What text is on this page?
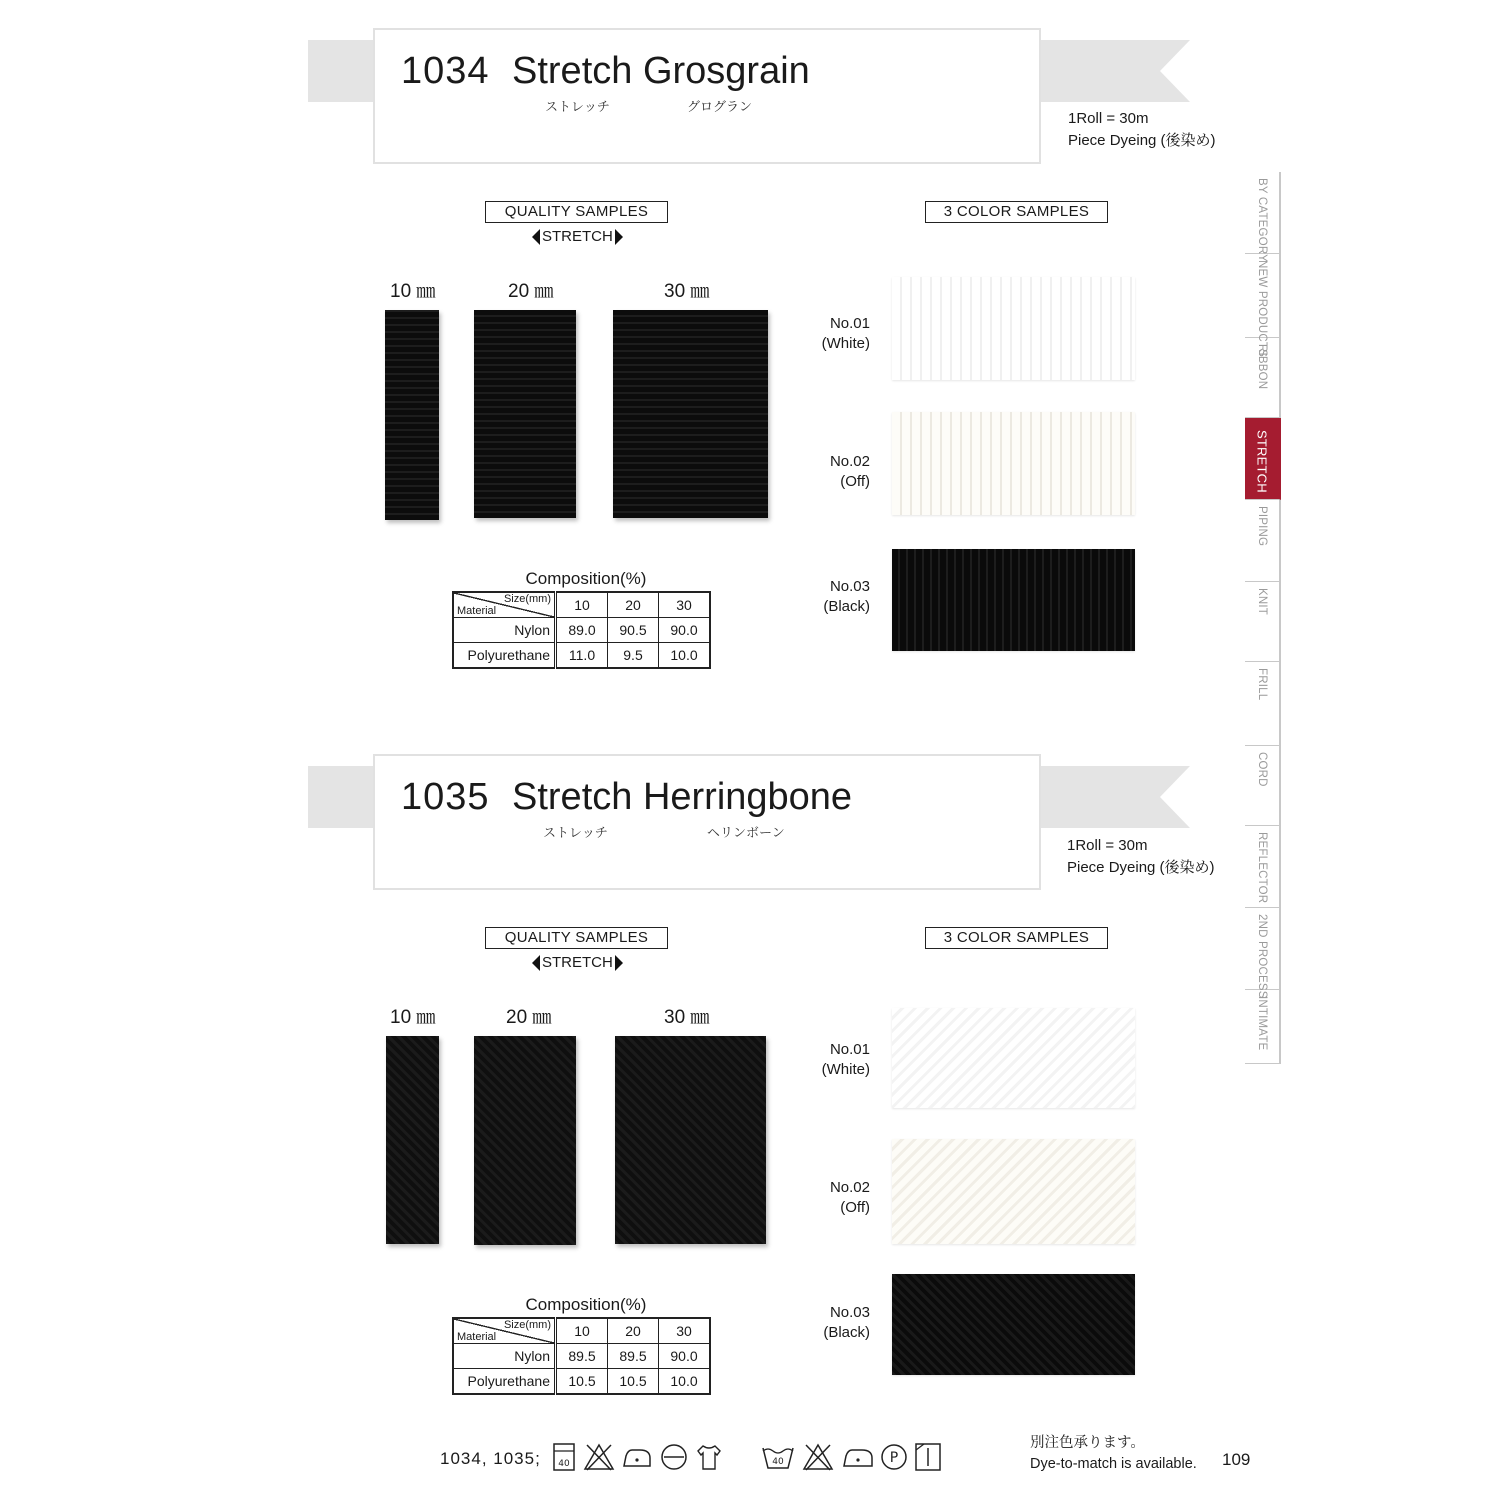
1034 Stretch Grosgrain
ストレッチ	グログラン
1Roll = 30m
Piece Dyeing (後染め)
QUALITY SAMPLES
STRETCH
3 COLOR SAMPLES
10 ㎜	20 ㎜	30 ㎜
No.01
(White)
No.02
(Off)
No.03
(Black)
Composition(%)
Size(mm)
Material	10	20	30
Nylon	89.0	90.5	90.0
Polyurethane	11.0	9.5	10.0
1035 Stretch Herringbone
ストレッチ	ヘリンボーン
1Roll = 30m
Piece Dyeing (後染め)
QUALITY SAMPLES
STRETCH
3 COLOR SAMPLES
10 ㎜	20 ㎜	30 ㎜
No.01
(White)
No.02
(Off)
No.03
(Black)
Composition(%)
Size(mm)
Material	10	20	30
Nylon	89.5	89.5	90.0
Polyurethane	10.5	10.5	10.0
BY CATEGORY
NEW PRODUCTS
RIBBON
STRETCH
PIPING
KNIT
FRILL
CORD
REFLECTOR
2ND PROCESS
INTIMATE
1034, 1035; 40	40	P
別注色承ります。
Dye-to-match is available. 109
